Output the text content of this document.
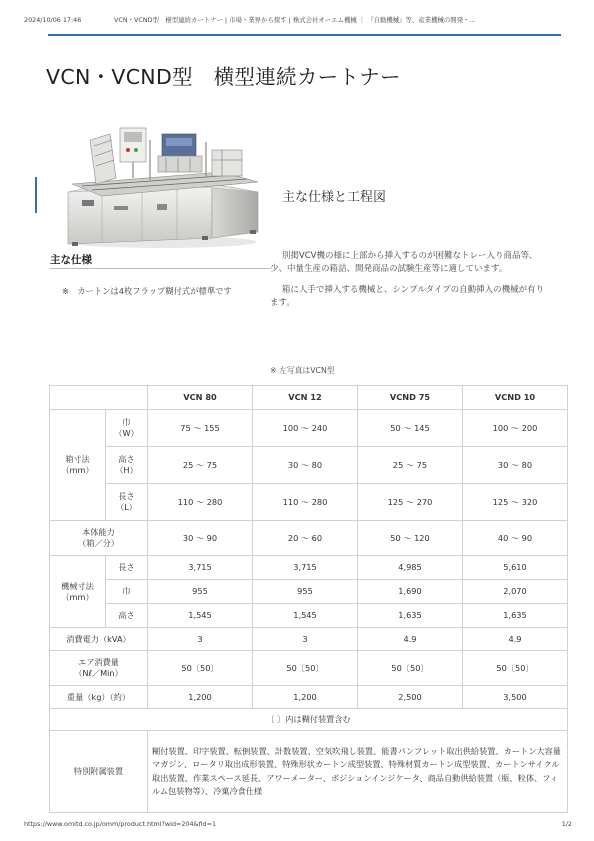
2024/10/06 17:46	VCN・VCND型　横型連続カートナー | 市場・業界から探す | 株式会社オーエム機械 ｜ 『自動機械』等、産業機械の開発・...
VCN・VCND型　横型連続カートナー
主な仕様と工程図
主な仕様
※　カートンは4枚フラップ糊付式が標準です

別掲VCV機の様に上部から挿入するのが困難なトレー入り商品等、少、中量生産の箱詰、開発商品の試験生産等に適しています。

箱に人手で挿入する機械と、シンプルタイプの自動挿入の機械が有ります。

※ 左写真はVCN型
		VCN 80	VCN 12	VCND 75	VCND 10
箱寸法
（mm）	巾
（W）	75 ～ 155	100 ～ 240	50 ～ 145	100 ～ 200
	高さ
（H）	25 ～ 75	30 ～ 80	25 ～ 75	30 ～ 80
	長さ
（L）	110 ～ 280	110 ～ 280	125 ～ 270	125 ～ 320
本体能力
（箱／分）		30 ～ 90	20 ～ 60	50 ～ 120	40 ～ 90
機械寸法
（mm）	長さ	3,715	3,715	4,985	5,610
	巾	955	955	1,690	2,070
	高さ	1,545	1,545	1,635	1,635
消費電力（kVA）		3	3	4.9	4.9
エア消費量
（Nℓ／Min）		50〔50〕	50〔50〕	50〔50〕	50〔50〕
重量（kg）（約）		1,200	1,200	2,500	3,500
〔 〕内は糊付装置含む					
特別附属装置		糊付装置、印字装置、転倒装置、計数装置、空気吹飛し装置、能書パンフレット取出供給装置、カートン大容量マガジン、ロータリ取出成形装置、特殊形状カートン成型装置、特殊材質カートン成型装置、カートンサイクル取出装置、作業スペース延長、アワーメーター、ポジションインジケータ、商品自動供給装置（瓶、粒体、フィルム包装物等）、冷菓冷食仕様			
https://www.omitd.co.jp/omm/product.html?wid=204&fid=1	1/2
